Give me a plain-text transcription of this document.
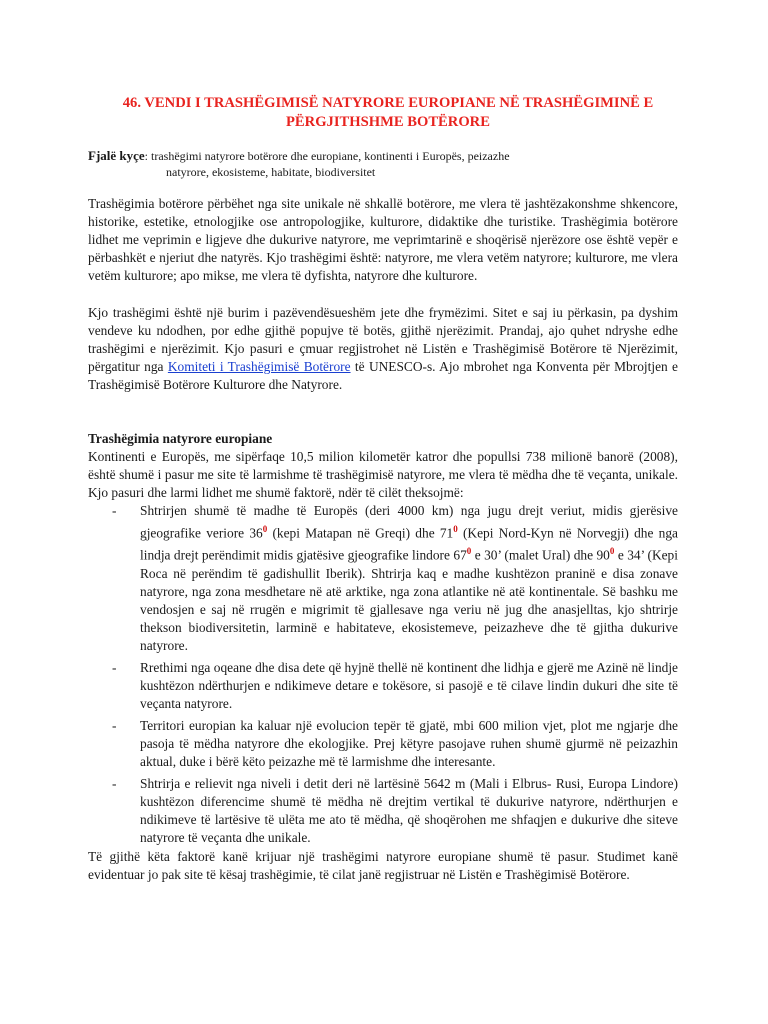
46. VENDI I TRASHËGIMISË NATYRORE EUROPIANE NË TRASHËGIMINË E PËRGJITHSHME BOTËRORE
Fjalë kyçe: trashëgimi natyrore botërore dhe europiane, kontinenti i Europës, peizazhe
natyrore, ekosisteme, habitate, biodiversitet

Trashëgimia botërore përbëhet nga site unikale në shkallë botërore, me vlera të jashtëzakonshme shkencore, historike, estetike, etnologjike ose antropologjike, kulturore, didaktike dhe turistike. Trashëgimia botërore lidhet me veprimin e ligjeve dhe dukurive natyrore, me veprimtarinë e shoqërisë njerëzore ose është vepër e përbashkët e njeriut dhe natyrës. Kjo trashëgimi është: natyrore, me vlera vetëm natyrore; kulturore, me vlera vetëm kulturore; apo mikse, me vlera të dyfishta, natyrore dhe kulturore.

Kjo trashëgimi është një burim i pazëvendësueshëm jete dhe frymëzimi. Sitet e saj iu përkasin, pa dyshim vendeve ku ndodhen, por edhe gjithë popujve të botës, gjithë njerëzimit. Prandaj, ajo quhet ndryshe edhe trashëgimi e njerëzimit. Kjo pasuri e çmuar regjistrohet në Listën e Trashëgimisë Botërore të Njerëzimit, përgatitur nga Komiteti i Trashëgimisë Botërore të UNESCO-s. Ajo mbrohet nga Konventa për Mbrojtjen e Trashëgimisë Botërore Kulturore dhe Natyrore.

Trashëgimia natyrore europiane

Kontinenti e Europës, me sipërfaqe 10,5 milion kilometër katror dhe popullsi 738 milionë banorë (2008), është shumë i pasur me site të larmishme të trashëgimisë natyrore, me vlera të mëdha dhe të veçanta, unikale. Kjo pasuri dhe larmi lidhet me shumë faktorë, ndër të cilët theksojmë:

- Shtrirjen shumë të madhe të Europës (deri 4000 km) nga jugu drejt veriut, midis gjerësive gjeografike veriore $36^0$ (kepi Matapan në Greqi) dhe $71^0$ (Kepi Nord-Kyn në Norvegji) dhe nga lindja drejt perëndimit midis gjatësive gjeografike lindore $67^0$ e 30’ (malet Ural) dhe $90^0$ e 34’ (Kepi Roca në perëndim të gadishullit Iberik). Shtrirja kaq e madhe kushtëzon praninë e disa zonave natyrore, nga zona mesdhetare në atë arktike, nga zona atlantike në atë kontinentale. Së bashku me vendosjen e saj në rrugën e migrimit të gjallesave nga veriu në jug dhe anasjelltas, kjo shtrirje thekson biodiversitetin, larminë e habitateve, ekosistemeve, peizazheve dhe të gjitha dukurive natyrore.
- Rrethimi nga oqeane dhe disa dete që hyjnë thellë në kontinent dhe lidhja e gjerë me Azinë në lindje kushtëzon ndërthurjen e ndikimeve detare e tokësore, si pasojë e të cilave lindin dukuri dhe site të veçanta natyrore.
- Territori europian ka kaluar një evolucion tepër të gjatë, mbi 600 milion vjet, plot me ngjarje dhe pasoja të mëdha natyrore dhe ekologjike. Prej këtyre pasojave ruhen shumë gjurmë në peizazhin aktual, duke i bërë këto peizazhe më të larmishme dhe interesante.
- Shtrirja e relievit nga niveli i detit deri në lartësinë 5642 m (Mali i Elbrus- Rusi, Europa Lindore) kushtëzon diferencime shumë të mëdha në drejtim vertikal të dukurive natyrore, ndërthurjen e ndikimeve të lartësive të ulëta me ato të mëdha, që shoqërohen me shfaqjen e dukurive dhe siteve natyrore të veçanta dhe unikale.

Të gjithë këta faktorë kanë krijuar një trashëgimi natyrore europiane shumë të pasur. Studimet kanë evidentuar jo pak site të kësaj trashëgimie, të cilat janë regjistruar në Listën e Trashëgimisë Botërore.
